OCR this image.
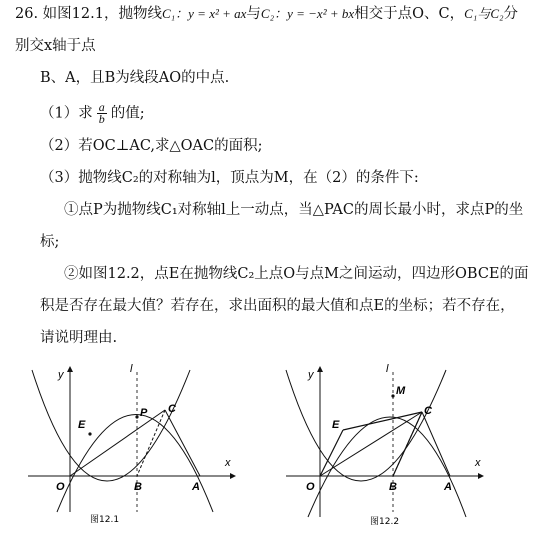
26. 如图12.1，抛物线C₁：y = x² + ax与C₂：y = −x² + bx相交于点O、C，C₁与C₂分
别交x轴于点
B、A，且B为线段AO的中点.
（1）求 $\frac{a}{b}$ 的值;
（2）若OC⊥AC,求△OAC的面积;
（3）抛物线C₂的对称轴为l，顶点为M，在（2）的条件下:
①点P为抛物线C₁对称轴l上一动点，当△PAC的周长最小时，求点P的坐
标;
②如图12.2，点E在抛物线C₂上点O与点M之间运动，四边形OBCE的面
积是否存在最大值？若存在，求出面积的最大值和点E的坐标；若不存在，
请说明理由.
y
x
l
O	B	A
C
P
E
图12.1
y
x
l
O	B	A
C
M
E
图12.2
